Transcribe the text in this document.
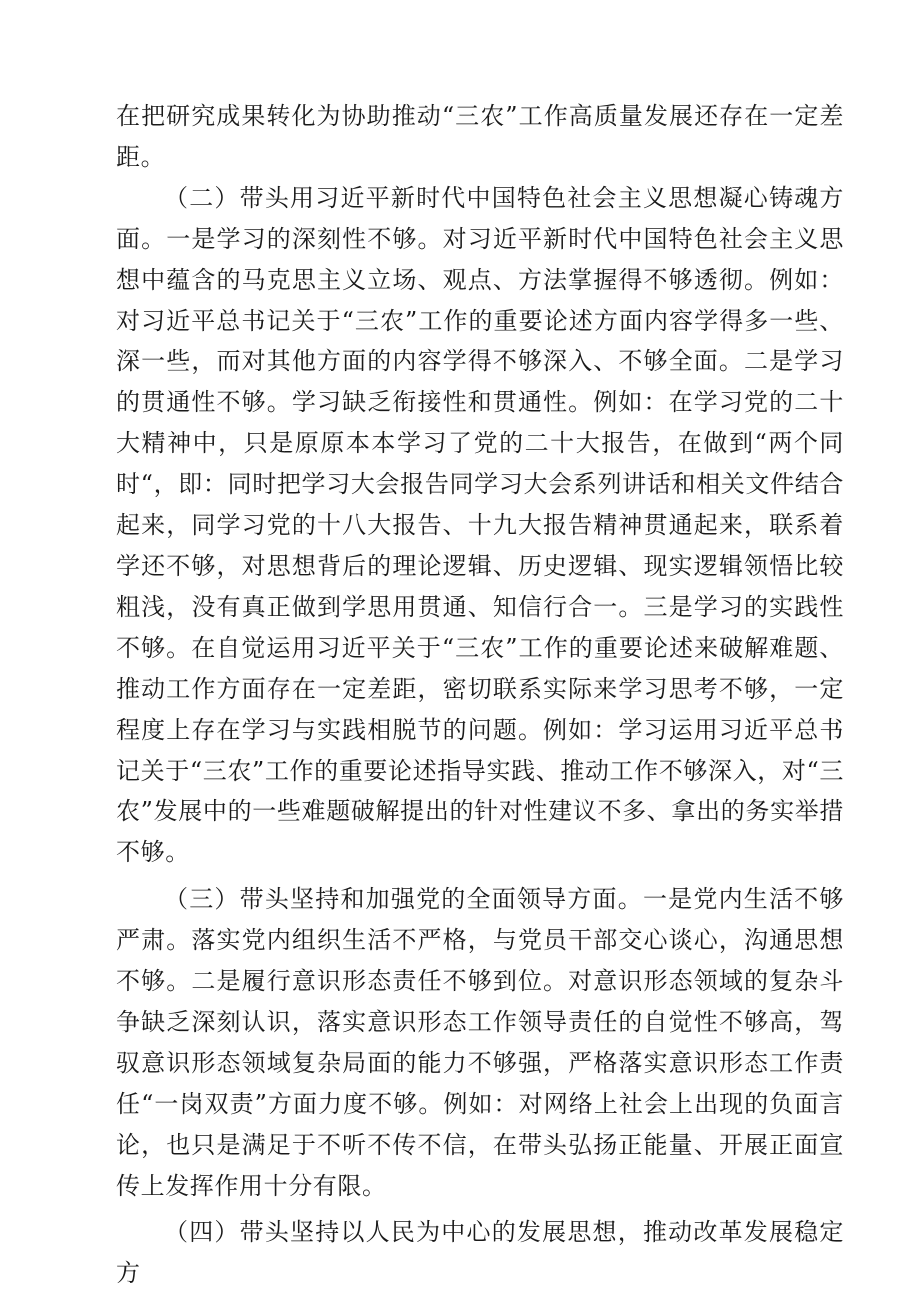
在把研究成果转化为协助推动“三农”工作高质量发展还存在一定差距。

（二）带头用习近平新时代中国特色社会主义思想凝心铸魂方面。一是学习的深刻性不够。对习近平新时代中国特色社会主义思想中蕴含的马克思主义立场、观点、方法掌握得不够透彻。例如：对习近平总书记关于“三农”工作的重要论述方面内容学得多一些、深一些，而对其他方面的内容学得不够深入、不够全面。二是学习的贯通性不够。学习缺乏衔接性和贯通性。例如：在学习党的二十大精神中，只是原原本本学习了党的二十大报告，在做到“两个同时“，即：同时把学习大会报告同学习大会系列讲话和相关文件结合起来，同学习党的十八大报告、十九大报告精神贯通起来，联系着学还不够，对思想背后的理论逻辑、历史逻辑、现实逻辑领悟比较粗浅，没有真正做到学思用贯通、知信行合一。三是学习的实践性不够。在自觉运用习近平关于“三农”工作的重要论述来破解难题、推动工作方面存在一定差距，密切联系实际来学习思考不够，一定程度上存在学习与实践相脱节的问题。例如：学习运用习近平总书记关于“三农”工作的重要论述指导实践、推动工作不够深入，对“三农”发展中的一些难题破解提出的针对性建议不多、拿出的务实举措不够。

（三）带头坚持和加强党的全面领导方面。一是党内生活不够严肃。落实党内组织生活不严格，与党员干部交心谈心，沟通思想不够。二是履行意识形态责任不够到位。对意识形态领域的复杂斗争缺乏深刻认识，落实意识形态工作领导责任的自觉性不够高，驾驭意识形态领域复杂局面的能力不够强，严格落实意识形态工作责任“一岗双责”方面力度不够。例如：对网络上社会上出现的负面言论，也只是满足于不听不传不信，在带头弘扬正能量、开展正面宣传上发挥作用十分有限。

（四）带头坚持以人民为中心的发展思想，推动改革发展稳定方
